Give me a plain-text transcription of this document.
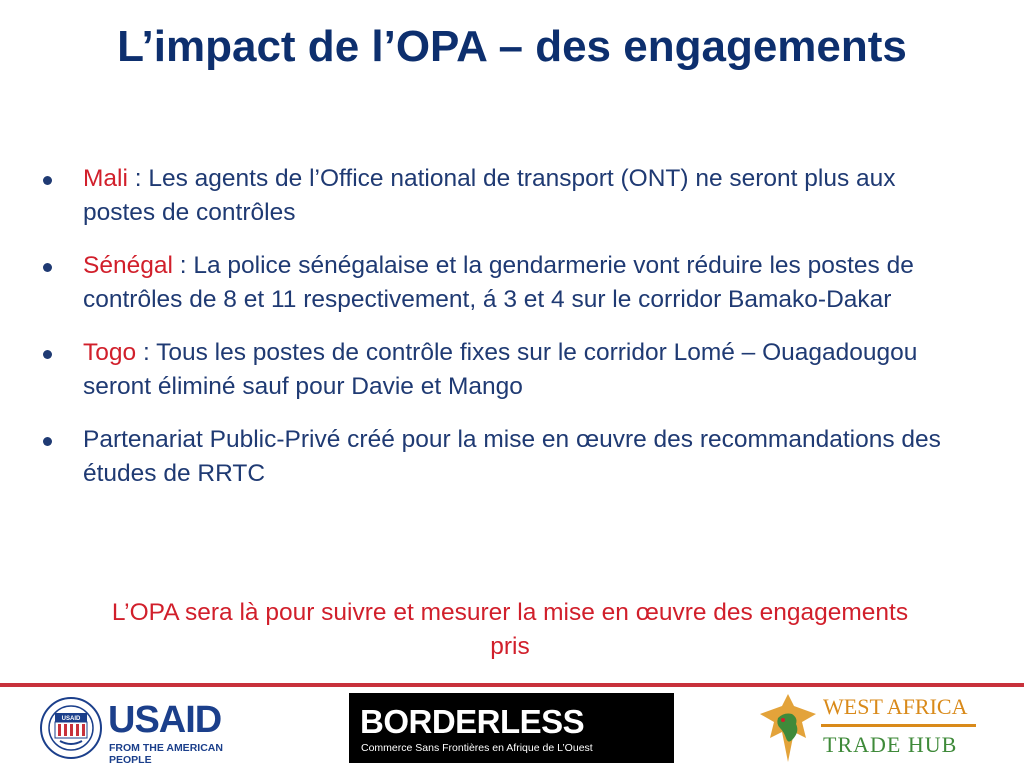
L’impact de l’OPA – des engagements
Mali : Les agents de l’Office national de transport (ONT) ne seront plus aux postes de contrôles
Sénégal : La police sénégalaise et la gendarmerie vont réduire les postes de contrôles de 8 et 11 respectivement, á 3 et 4 sur le corridor Bamako-Dakar
Togo : Tous les postes de contrôle fixes sur le corridor Lomé – Ouagadougou seront éliminé sauf pour Davie et Mango
Partenariat Public-Privé créé pour la mise en œuvre des recommandations des études de RRTC
L’OPA sera là pour suivre et mesurer la mise en œuvre des engagements pris
USAID USAID
FROM THE AMERICAN PEOPLE
BORDERLESS
Commerce Sans Frontières en Afrique de L’Ouest
WEST AFRICA
TRADE HUB
